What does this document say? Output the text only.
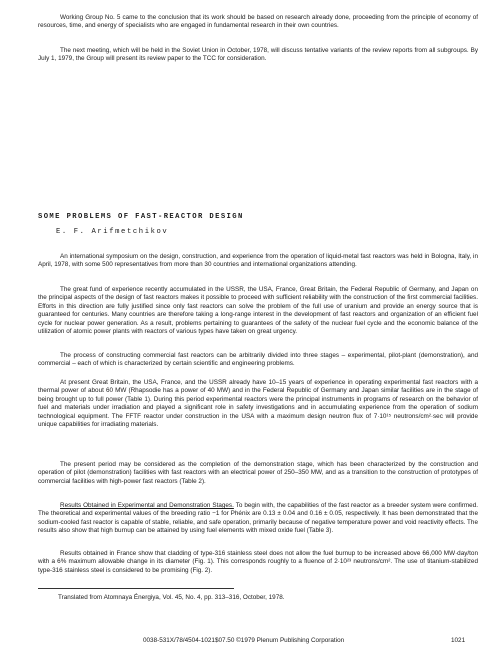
Working Group No. 5 came to the conclusion that its work should be based on research already done, proceeding from the principle of economy of resources, time, and energy of specialists who are engaged in fundamental research in their own countries.

The next meeting, which will be held in the Soviet Union in October, 1978, will discuss tentative variants of the review reports from all subgroups. By July 1, 1979, the Group will present its review paper to the TCC for consideration.

SOME PROBLEMS OF FAST-REACTOR DESIGN
E. F. Arifmetchikov

An international symposium on the design, construction, and experience from the operation of liquid-metal fast reactors was held in Bologna, Italy, in April, 1978, with some 500 representatives from more than 30 countries and international organizations attending.

The great fund of experience recently accumulated in the USSR, the USA, France, Great Britain, the Federal Republic of Germany, and Japan on the principal aspects of the design of fast reactors makes it possible to proceed with sufficient reliability with the construction of the first commercial facilities. Efforts in this direction are fully justified since only fast reactors can solve the problem of the full use of uranium and provide an energy source that is guaranteed for centuries. Many countries are therefore taking a long-range interest in the development of fast reactors and organization of an efficient fuel cycle for nuclear power generation. As a result, problems pertaining to guarantees of the safety of the nuclear fuel cycle and the economic balance of the utilization of atomic power plants with reactors of various types have taken on great urgency.

The process of constructing commercial fast reactors can be arbitrarily divided into three stages – experimental, pilot-plant (demonstration), and commercial – each of which is characterized by certain scientific and engineering problems.

At present Great Britain, the USA, France, and the USSR already have 10–15 years of experience in operating experimental fast reactors with a thermal power of about 60 MW (Rhapsodie has a power of 40 MW) and in the Federal Republic of Germany and Japan similar facilities are in the stage of being brought up to full power (Table 1). During this period experimental reactors were the principal instruments in programs of research on the behavior of fuel and materials under irradiation and played a significant role in safety investigations and in accumulating experience from the operation of sodium technological equipment. The FFTF reactor under construction in the USA with a maximum design neutron flux of 7·10¹⁵ neutrons/cm²·sec will provide unique capabilities for irradiating materials.

The present period may be considered as the completion of the demonstration stage, which has been characterized by the construction and operation of pilot (demonstration) facilities with fast reactors with an electrical power of 250–350 MW, and as a transition to the construction of prototypes of commercial facilities with high-power fast reactors (Table 2).

Results Obtained in Experimental and Demonstration Stages. To begin with, the capabilities of the fast reactor as a breeder system were confirmed. The theoretical and experimental values of the breeding ratio −1 for Phénix are 0.13 ± 0.04 and 0.16 ± 0.05, respectively. It has been demonstrated that the sodium-cooled fast reactor is capable of stable, reliable, and safe operation, primarily because of negative temperature power and void reactivity effects. The results also show that high burnup can be attained by using fuel elements with mixed oxide fuel (Table 3).

Results obtained in France show that cladding of type-316 stainless steel does not allow the fuel burnup to be increased above 66,000 MW·day/ton with a 6% maximum allowable change in its diameter (Fig. 1). This corresponds roughly to a fluence of 2·10²³ neutrons/cm². The use of titanium-stabilized type-316 stainless steel is considered to be promising (Fig. 2).

Translated from Atomnaya Énergiya, Vol. 45, No. 4, pp. 313–316, October, 1978.

0038-531X/78/4504-1021$07.50 ©1979 Plenum Publishing Corporation	1021
